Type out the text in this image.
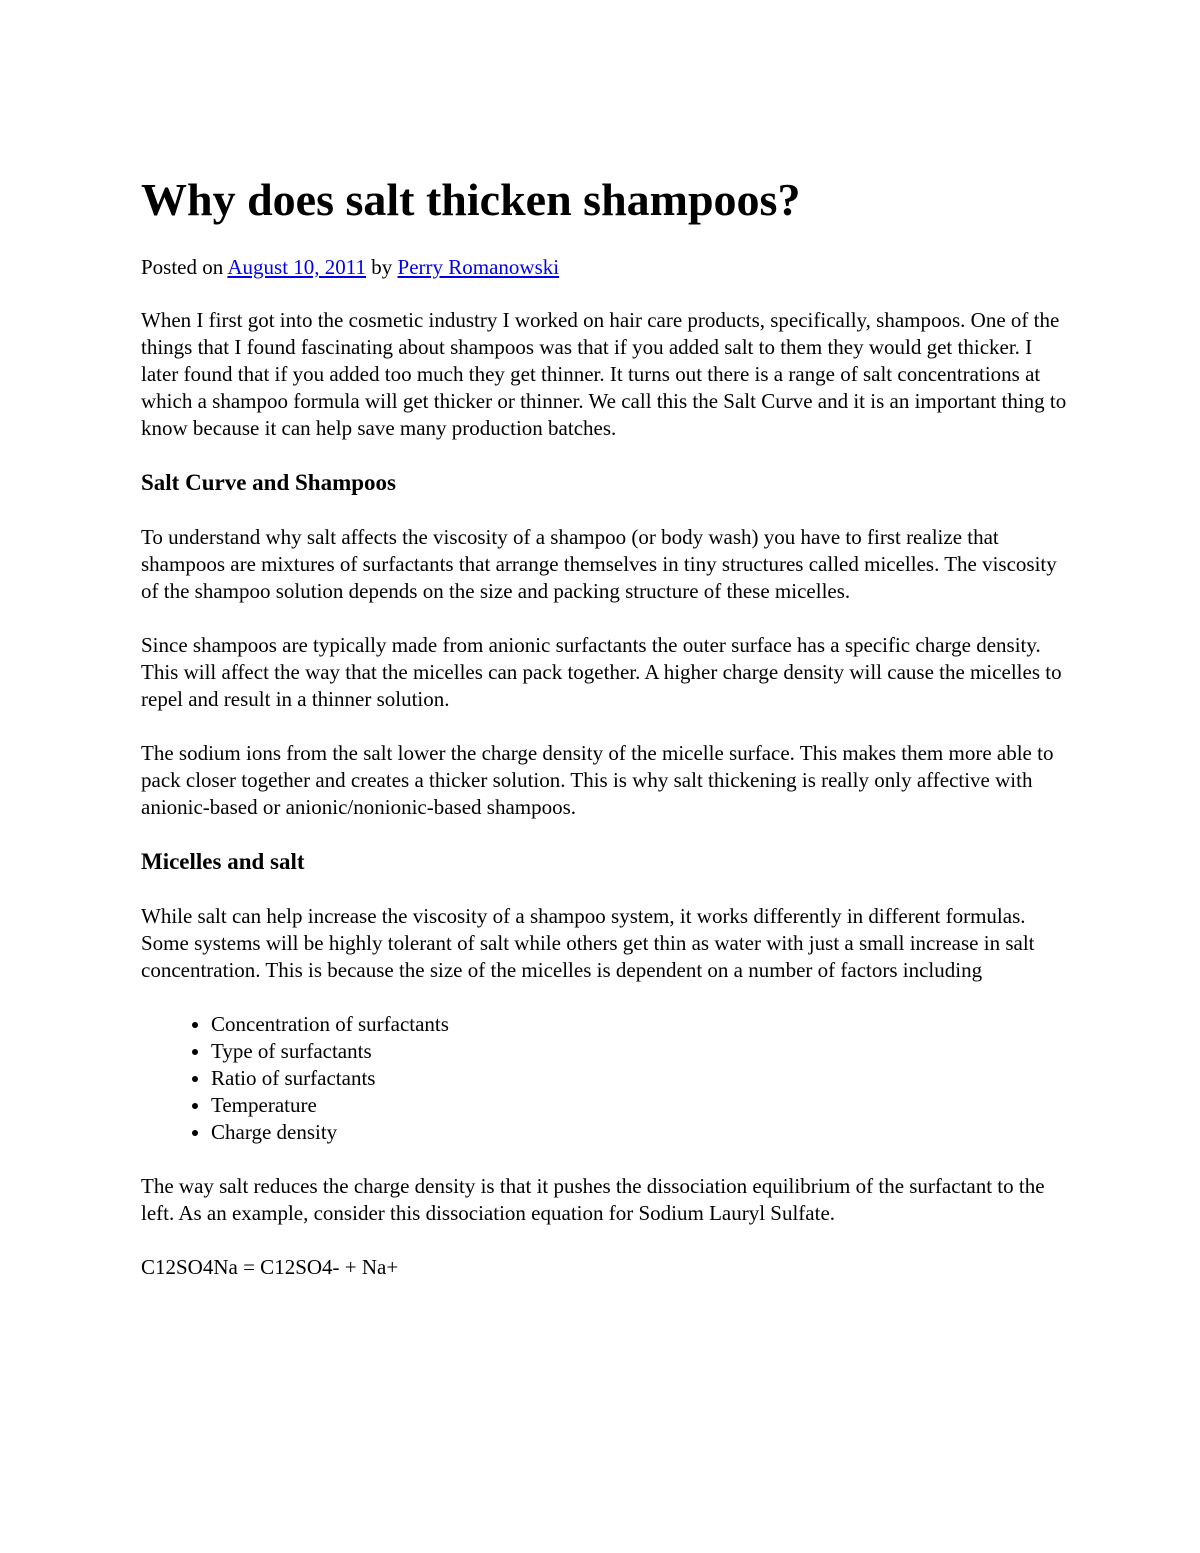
Why does salt thicken shampoos?

Posted on August 10, 2011 by Perry Romanowski

When I first got into the cosmetic industry I worked on hair care products, specifically, shampoos. One of the things that I found fascinating about shampoos was that if you added salt to them they would get thicker. I later found that if you added too much they get thinner. It turns out there is a range of salt concentrations at which a shampoo formula will get thicker or thinner. We call this the Salt Curve and it is an important thing to know because it can help save many production batches.

Salt Curve and Shampoos

To understand why salt affects the viscosity of a shampoo (or body wash) you have to first realize that shampoos are mixtures of surfactants that arrange themselves in tiny structures called micelles. The viscosity of the shampoo solution depends on the size and packing structure of these micelles.

Since shampoos are typically made from anionic surfactants the outer surface has a specific charge density. This will affect the way that the micelles can pack together. A higher charge density will cause the micelles to repel and result in a thinner solution.

The sodium ions from the salt lower the charge density of the micelle surface. This makes them more able to pack closer together and creates a thicker solution. This is why salt thickening is really only affective with anionic-based or anionic/nonionic-based shampoos.

Micelles and salt

While salt can help increase the viscosity of a shampoo system, it works differently in different formulas. Some systems will be highly tolerant of salt while others get thin as water with just a small increase in salt concentration. This is because the size of the micelles is dependent on a number of factors including

• Concentration of surfactants
• Type of surfactants
• Ratio of surfactants
• Temperature
• Charge density

The way salt reduces the charge density is that it pushes the dissociation equilibrium of the surfactant to the left. As an example, consider this dissociation equation for Sodium Lauryl Sulfate.

C12SO4Na = C12SO4- + Na+
